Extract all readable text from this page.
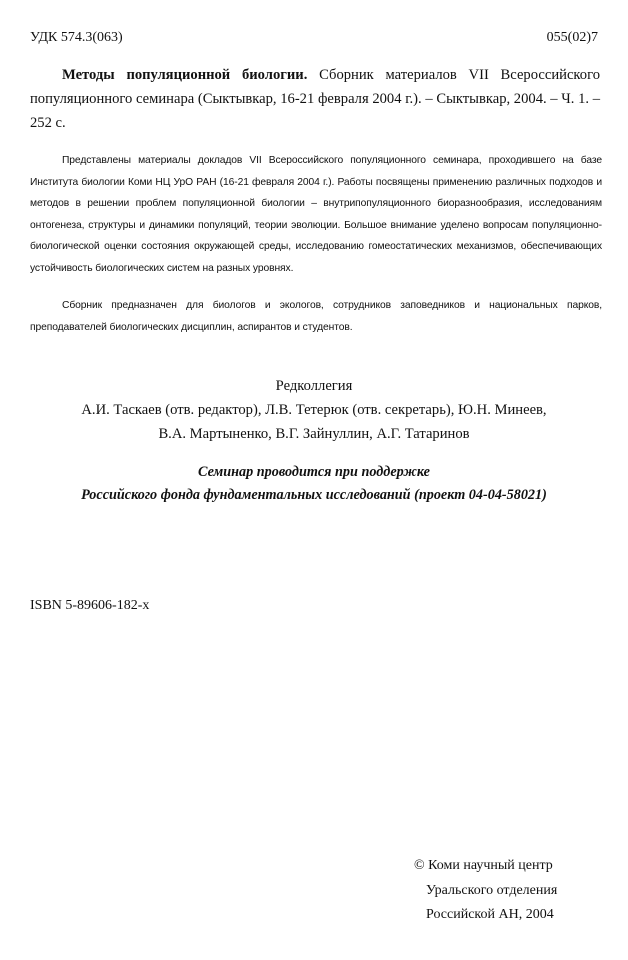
УДК 574.3(063)	055(02)7
Методы популяционной биологии. Сборник материалов VII Всероссийского популяционного семинара (Сыктывкар, 16-21 февраля 2004 г.). – Сыктывкар, 2004. – Ч. 1. – 252 с.
Представлены материалы докладов VII Всероссийского популяционного семинара, проходившего на базе Института биологии Коми НЦ УрО РАН (16-21 февраля 2004 г.). Работы посвящены применению различных подходов и методов в решении проблем популяционной биологии – внутрипопуляционного биоразнообразия, исследованиям онтогенеза, структуры и динамики популяций, теории эволюции. Большое внимание уделено вопросам популяционно-биологической оценки состояния окружающей среды, исследованию гомеостатических механизмов, обеспечивающих устойчивость биологических систем на разных уровнях.
Сборник предназначен для биологов и экологов, сотрудников заповедников и национальных парков, преподавателей биологических дисциплин, аспирантов и студентов.
Редколлегия
А.И. Таскаев (отв. редактор), Л.В. Тетерюк (отв. секретарь), Ю.Н. Минеев,
В.А. Мартыненко, В.Г. Зайнуллин, А.Г. Татаринов
Семинар проводится при поддержке
Российского фонда фундаментальных исследований (проект 04-04-58021)
ISBN 5-89606-182-x
© Коми научный центр
Уральского отделения
Российской АН, 2004
